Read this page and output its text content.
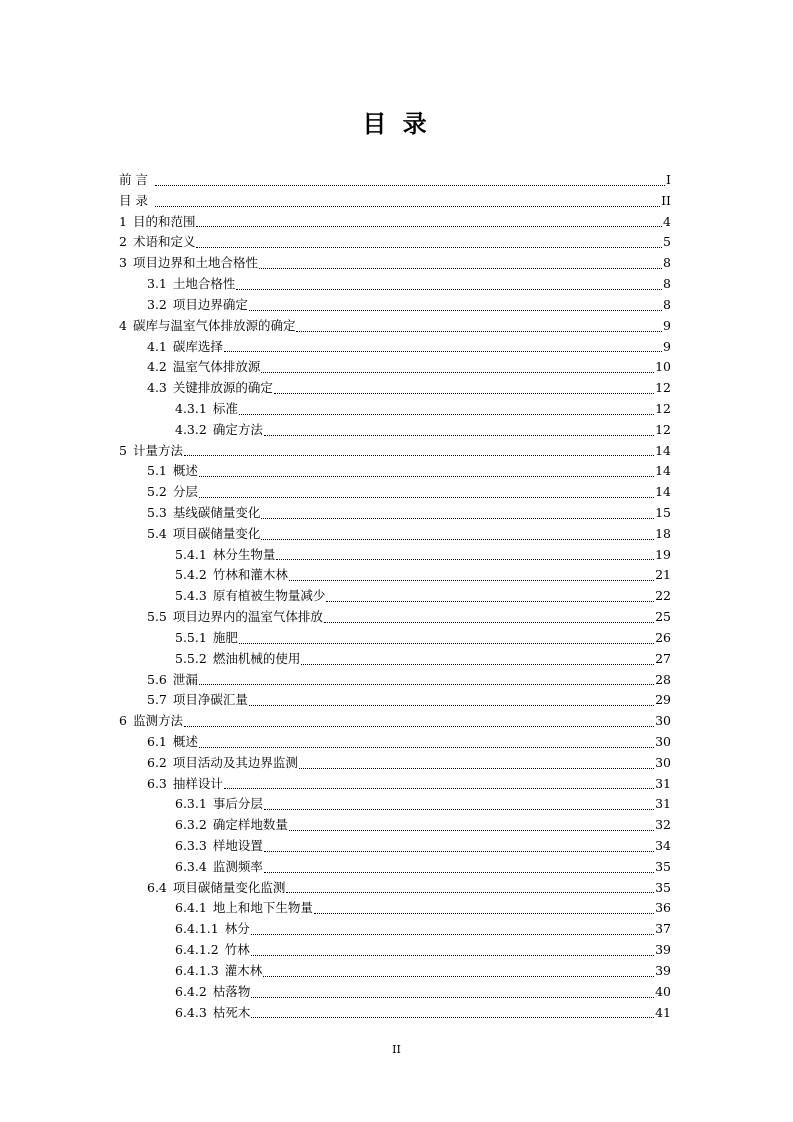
目 录
前 言	I
目 录	II
1 目的和范围	4
2 术语和定义	5
3 项目边界和土地合格性	8
3.1 土地合格性	8
3.2 项目边界确定	8
4 碳库与温室气体排放源的确定	9
4.1 碳库选择	9
4.2 温室气体排放源	10
4.3 关键排放源的确定	12
4.3.1 标准	12
4.3.2 确定方法	12
5 计量方法	14
5.1 概述	14
5.2 分层	14
5.3 基线碳储量变化	15
5.4 项目碳储量变化	18
5.4.1 林分生物量	19
5.4.2 竹林和灌木林	21
5.4.3 原有植被生物量减少	22
5.5 项目边界内的温室气体排放	25
5.5.1 施肥	26
5.5.2 燃油机械的使用	27
5.6 泄漏	28
5.7 项目净碳汇量	29
6 监测方法	30
6.1 概述	30
6.2 项目活动及其边界监测	30
6.3 抽样设计	31
6.3.1 事后分层	31
6.3.2 确定样地数量	32
6.3.3 样地设置	34
6.3.4 监测频率	35
6.4 项目碳储量变化监测	35
6.4.1 地上和地下生物量	36
6.4.1.1 林分	37
6.4.1.2 竹林	39
6.4.1.3 灌木林	39
6.4.2 枯落物	40
6.4.3 枯死木	41
II
